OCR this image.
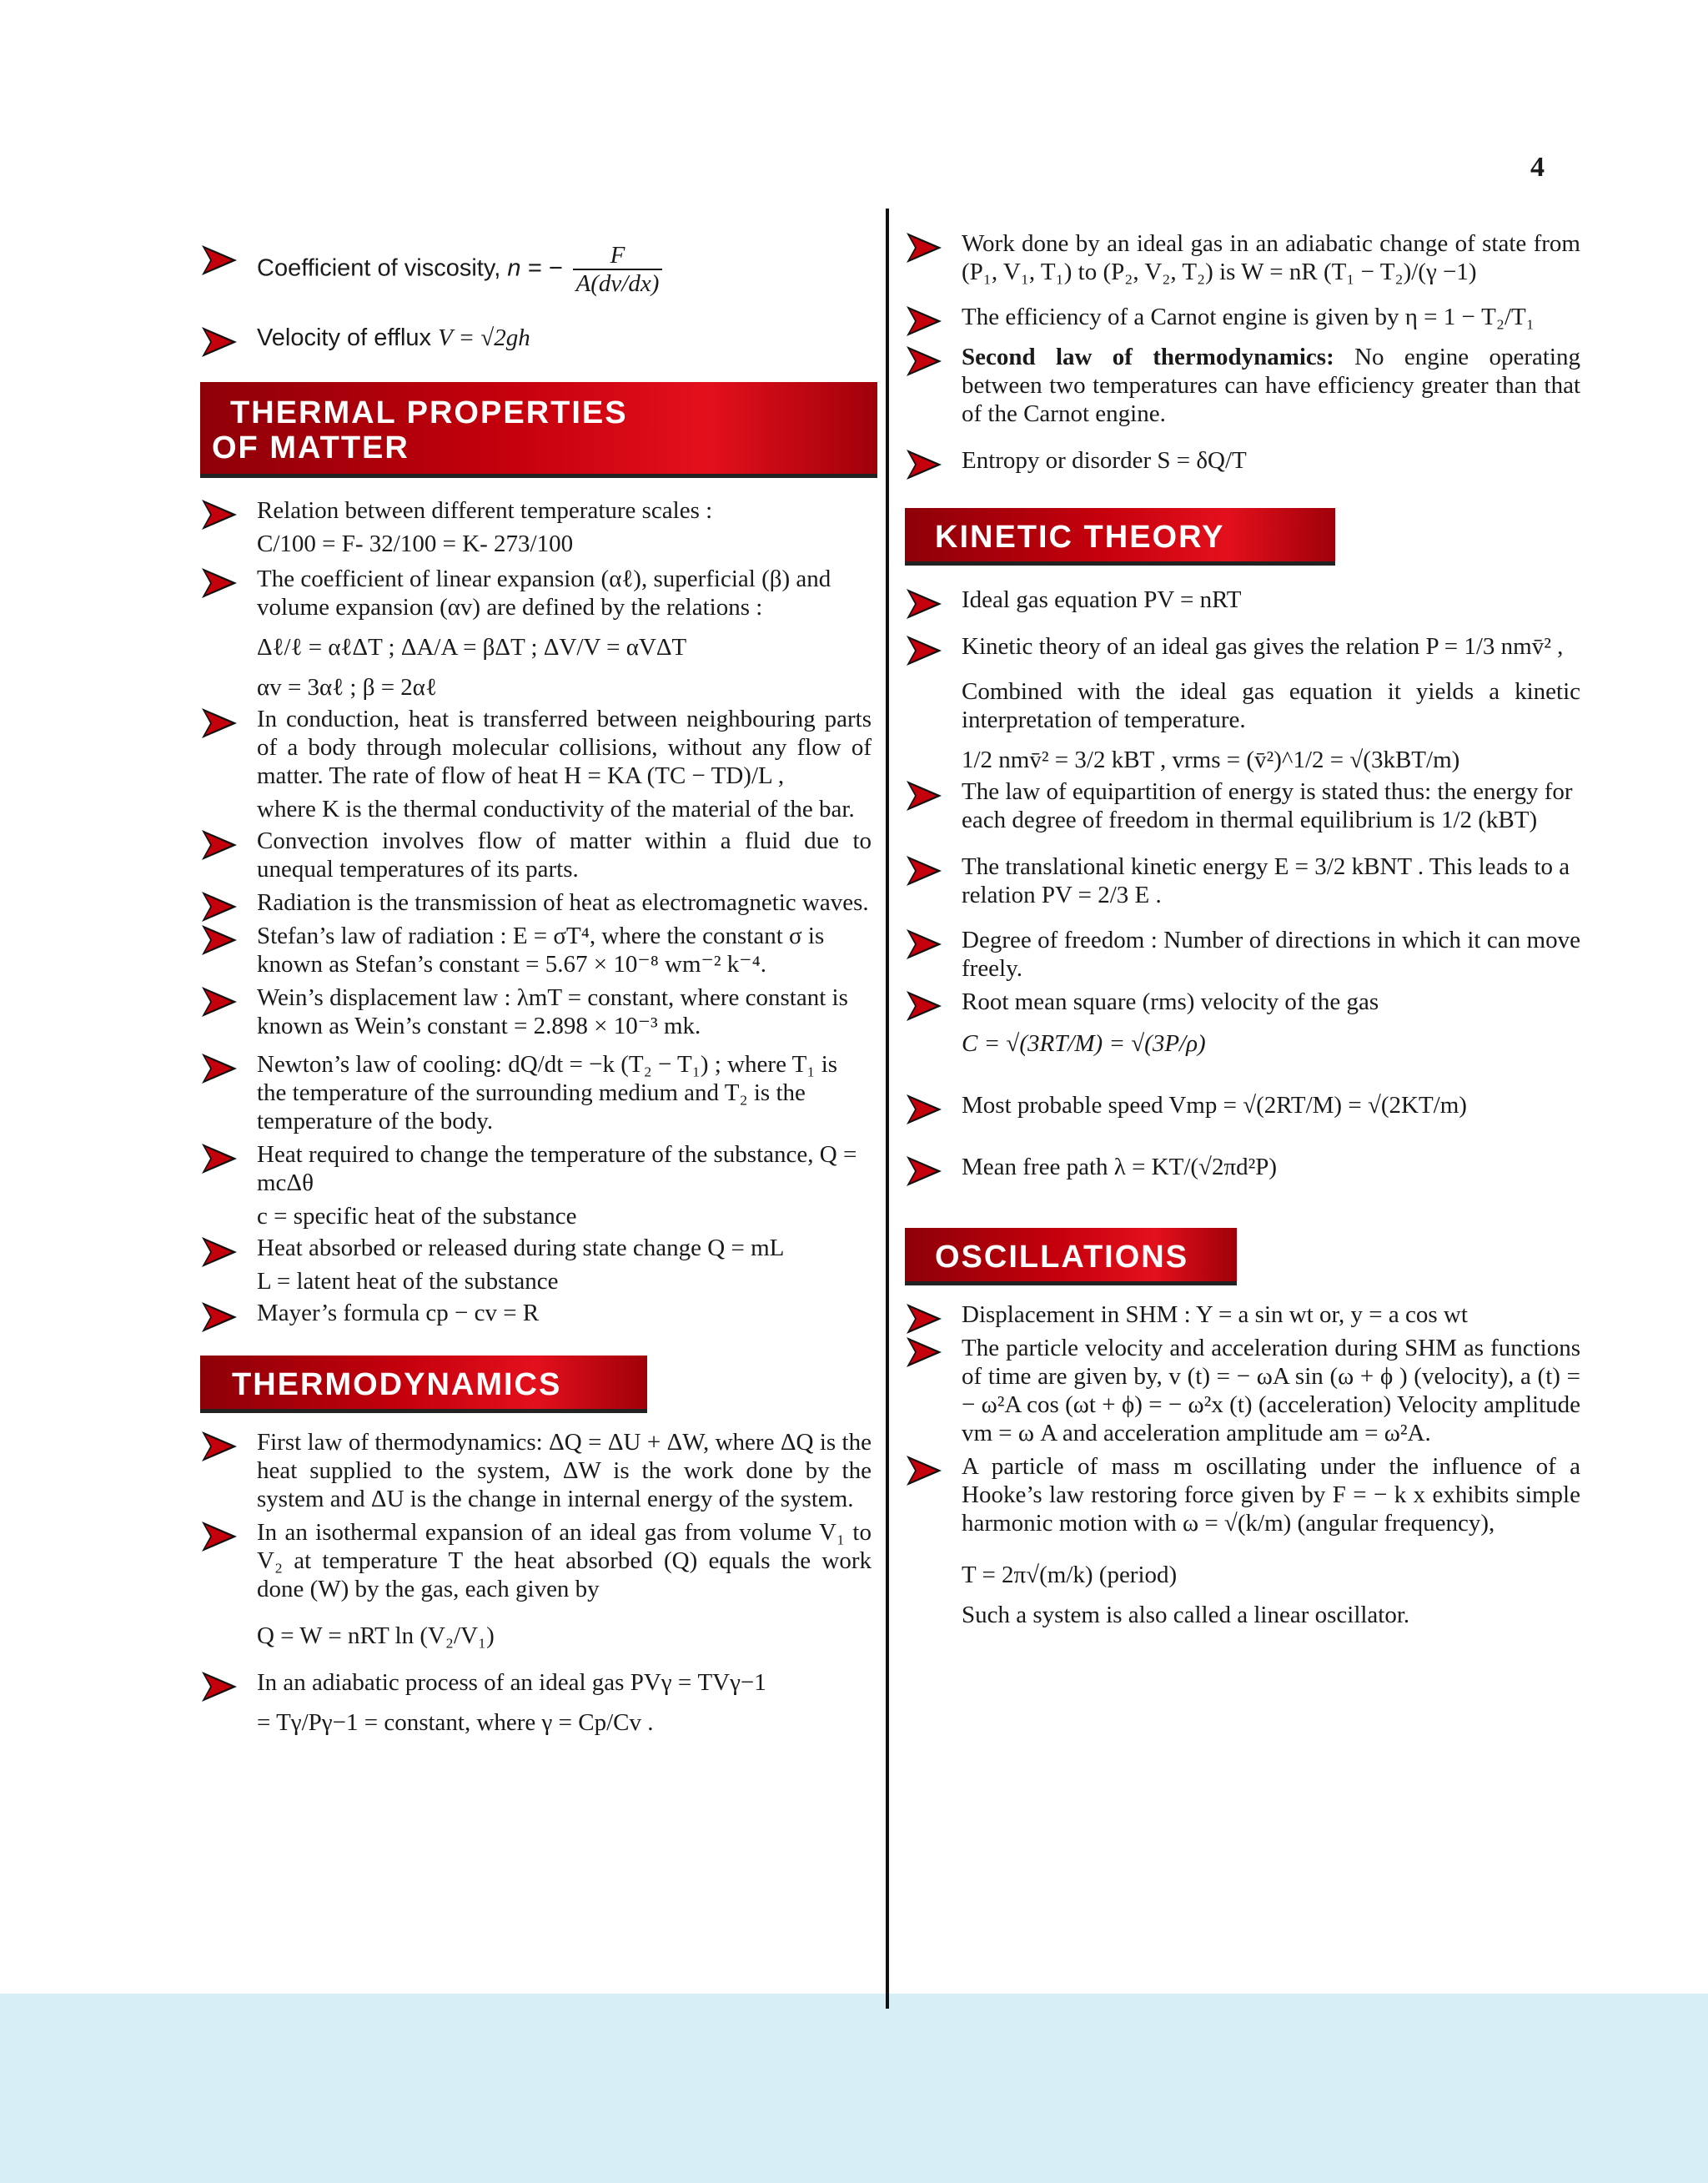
4
Coefficient of viscosity, n = − $\frac{F}{A(dv/dx)}$
Velocity of efflux V = √2gh
THERMAL PROPERTIES
OF MATTER
Relation between different temperature scales :
C/100 = F- 32/100 = K- 273/100
The coefficient of linear expansion (αℓ), superficial (β) and volume expansion (αv) are defined by the relations :
Δℓ/ℓ = αℓΔT ; ΔA/A = βΔT ; ΔV/V = αVΔT
αv = 3αℓ ; β = 2αℓ
In conduction, heat is transferred between neighbouring parts of a body through molecular collisions, without any flow of matter. The rate of flow of heat H = KA (TC − TD)/L ,
where K is the thermal conductivity of the material of the bar.
Convection involves flow of matter within a fluid due to unequal temperatures of its parts.
Radiation is the transmission of heat as electromagnetic waves.
Stefan’s law of radiation : E = σT⁴, where the constant σ is known as Stefan’s constant = 5.67 × 10⁻⁸ wm⁻² k⁻⁴.
Wein’s displacement law : λmT = constant, where constant is known as Wein’s constant = 2.898 × 10⁻³ mk.
Newton’s law of cooling: dQ/dt = −k (T₂ − T₁) ; where T₁ is the temperature of the surrounding medium and T₂ is the temperature of the body.
Heat required to change the temperature of the substance, Q = mcΔθ
c = specific heat of the substance
Heat absorbed or released during state change Q = mL
L = latent heat of the substance
Mayer’s formula cp − cv = R
THERMODYNAMICS
First law of thermodynamics: ΔQ = ΔU + ΔW, where ΔQ is the heat supplied to the system, ΔW is the work done by the system and ΔU is the change in internal energy of the system.
In an isothermal expansion of an ideal gas from volume V₁ to V₂ at temperature T the heat absorbed (Q) equals the work done (W) by the gas, each given by
Q = W = nRT ln (V₂/V₁)
In an adiabatic process of an ideal gas PVγ = TVγ−1
= Tγ/Pγ−1 = constant, where γ = Cp/Cv .
Work done by an ideal gas in an adiabatic change of state from (P₁, V₁, T₁) to (P₂, V₂, T₂) is W = nR (T₁ − T₂)/(γ −1)
The efficiency of a Carnot engine is given by η = 1 − T₂/T₁
Second law of thermodynamics: No engine operating between two temperatures can have efficiency greater than that of the Carnot engine.
Entropy or disorder S = δQ/T
KINETIC THEORY
Ideal gas equation PV = nRT
Kinetic theory of an ideal gas gives the relation P = 1/3 nmv̄² ,
Combined with the ideal gas equation it yields a kinetic interpretation of temperature.
1/2 nmv̄² = 3/2 kBT , vrms = (v̄²)^1/2 = √(3kBT/m)
The law of equipartition of energy is stated thus: the energy for each degree of freedom in thermal equilibrium is 1/2 (kBT)
The translational kinetic energy E = 3/2 kBNT . This leads to a relation PV = 2/3 E .
Degree of freedom : Number of directions in which it can move freely.
Root mean square (rms) velocity of the gas
C = √(3RT/M) = √(3P/ρ)
Most probable speed Vmp = √(2RT/M) = √(2KT/m)
Mean free path λ = KT/(√2πd²P)
OSCILLATIONS
Displacement in SHM : Y = a sin wt or, y = a cos wt
The particle velocity and acceleration during SHM as functions of time are given by, v (t) = − ωA sin (ω + ϕ ) (velocity), a (t) = − ω²A cos (ωt + ϕ) = − ω²x (t) (acceleration) Velocity amplitude vm = ω A and acceleration amplitude am = ω²A.
A particle of mass m oscillating under the influence of a Hooke’s law restoring force given by F = − k x exhibits simple harmonic motion with ω = √(k/m) (angular frequency),
T = 2π√(m/k) (period)
Such a system is also called a linear oscillator.
